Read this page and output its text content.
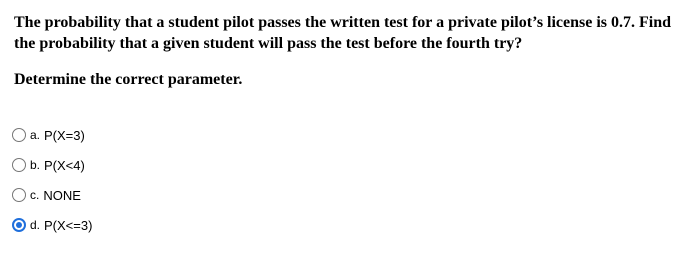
The probability that a student pilot passes the written test for a private pilot’s license is 0.7. Find the probability that a given student will pass the test before the fourth try?

Determine the correct parameter.

a. P(X=3)
b. P(X<4)
c. NONE
d. P(X<=3)
